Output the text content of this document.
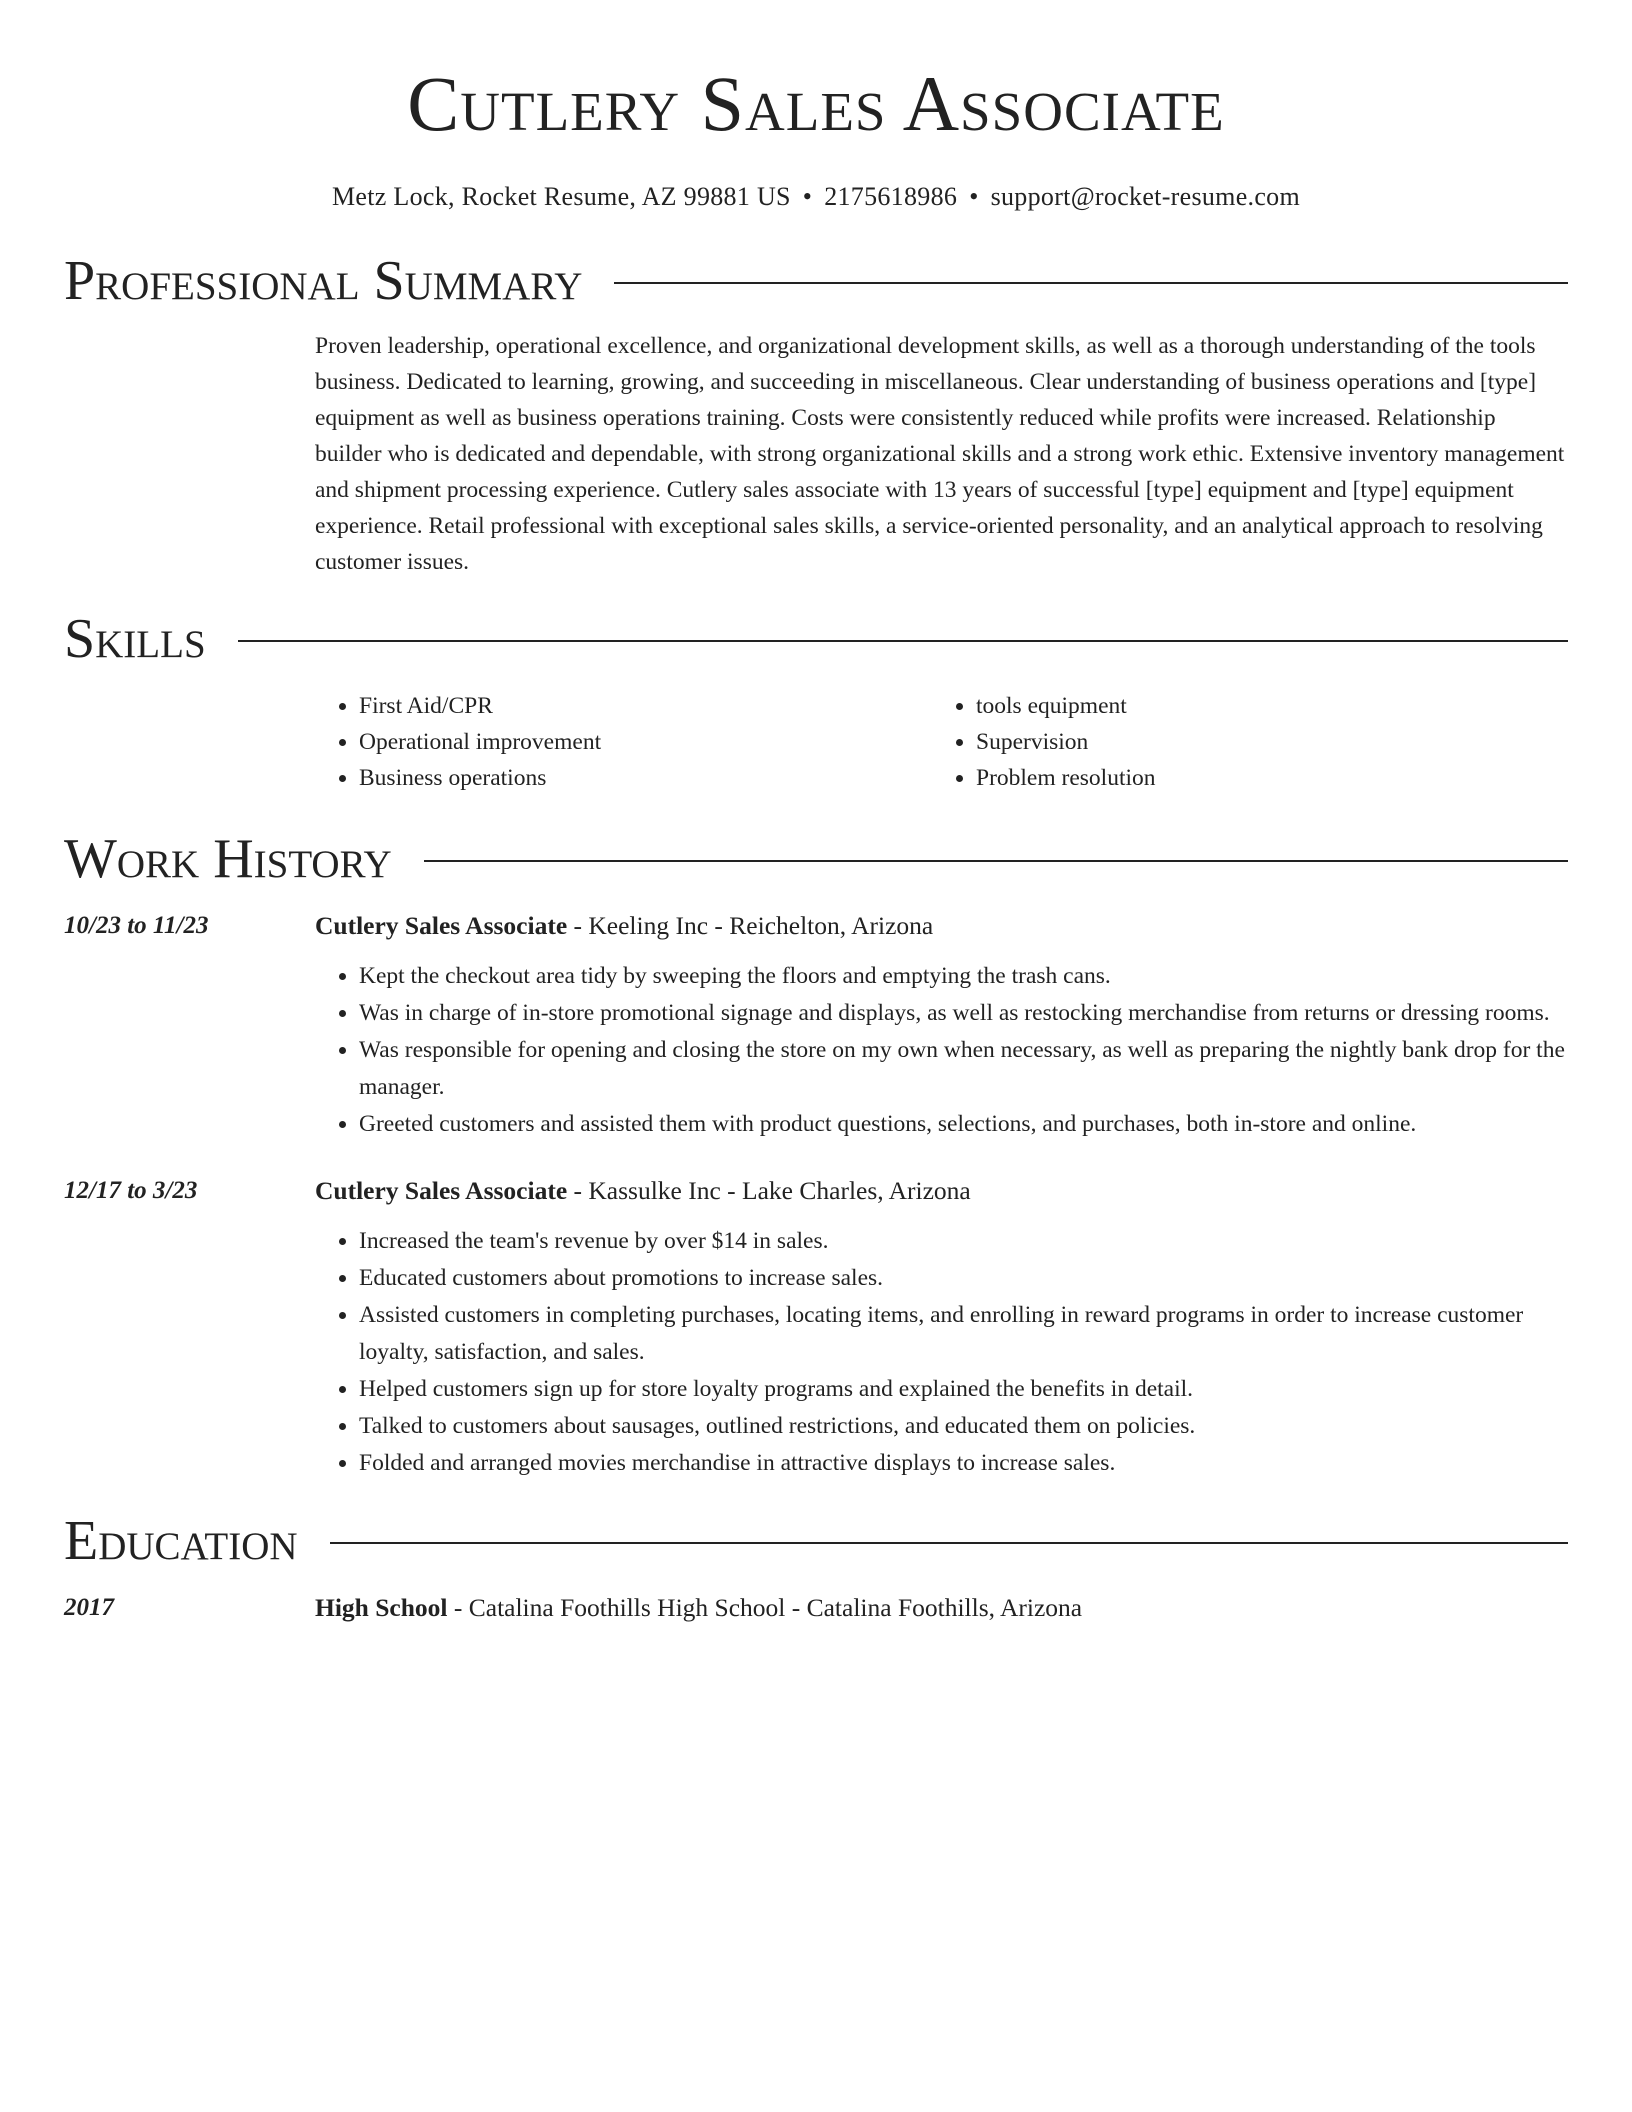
Cutlery Sales Associate
Metz Lock, Rocket Resume, AZ 99881 US • 2175618986 • support@rocket-resume.com
Professional Summary

Proven leadership, operational excellence, and organizational development skills, as well as a thorough understanding of the tools business. Dedicated to learning, growing, and succeeding in miscellaneous. Clear understanding of business operations and [type] equipment as well as business operations training. Costs were consistently reduced while profits were increased. Relationship builder who is dedicated and dependable, with strong organizational skills and a strong work ethic. Extensive inventory management and shipment processing experience. Cutlery sales associate with 13 years of successful [type] equipment and [type] equipment experience. Retail professional with exceptional sales skills, a service-oriented personality, and an analytical approach to resolving customer issues.

Skills
• First Aid/CPR
• Operational improvement
• Business operations
• tools equipment
• Supervision
• Problem resolution
Work History
10/23 to 11/23	Cutlery Sales Associate - Keeling Inc - Reichelton, Arizona
• Kept the checkout area tidy by sweeping the floors and emptying the trash cans.
• Was in charge of in-store promotional signage and displays, as well as restocking merchandise from returns or dressing rooms.
• Was responsible for opening and closing the store on my own when necessary, as well as preparing the nightly bank drop for the manager.
• Greeted customers and assisted them with product questions, selections, and purchases, both in-store and online.
12/17 to 3/23	Cutlery Sales Associate - Kassulke Inc - Lake Charles, Arizona
• Increased the team's revenue by over $14 in sales.
• Educated customers about promotions to increase sales.
• Assisted customers in completing purchases, locating items, and enrolling in reward programs in order to increase customer loyalty, satisfaction, and sales.
• Helped customers sign up for store loyalty programs and explained the benefits in detail.
• Talked to customers about sausages, outlined restrictions, and educated them on policies.
• Folded and arranged movies merchandise in attractive displays to increase sales.
Education
2017	High School - Catalina Foothills High School - Catalina Foothills, Arizona
